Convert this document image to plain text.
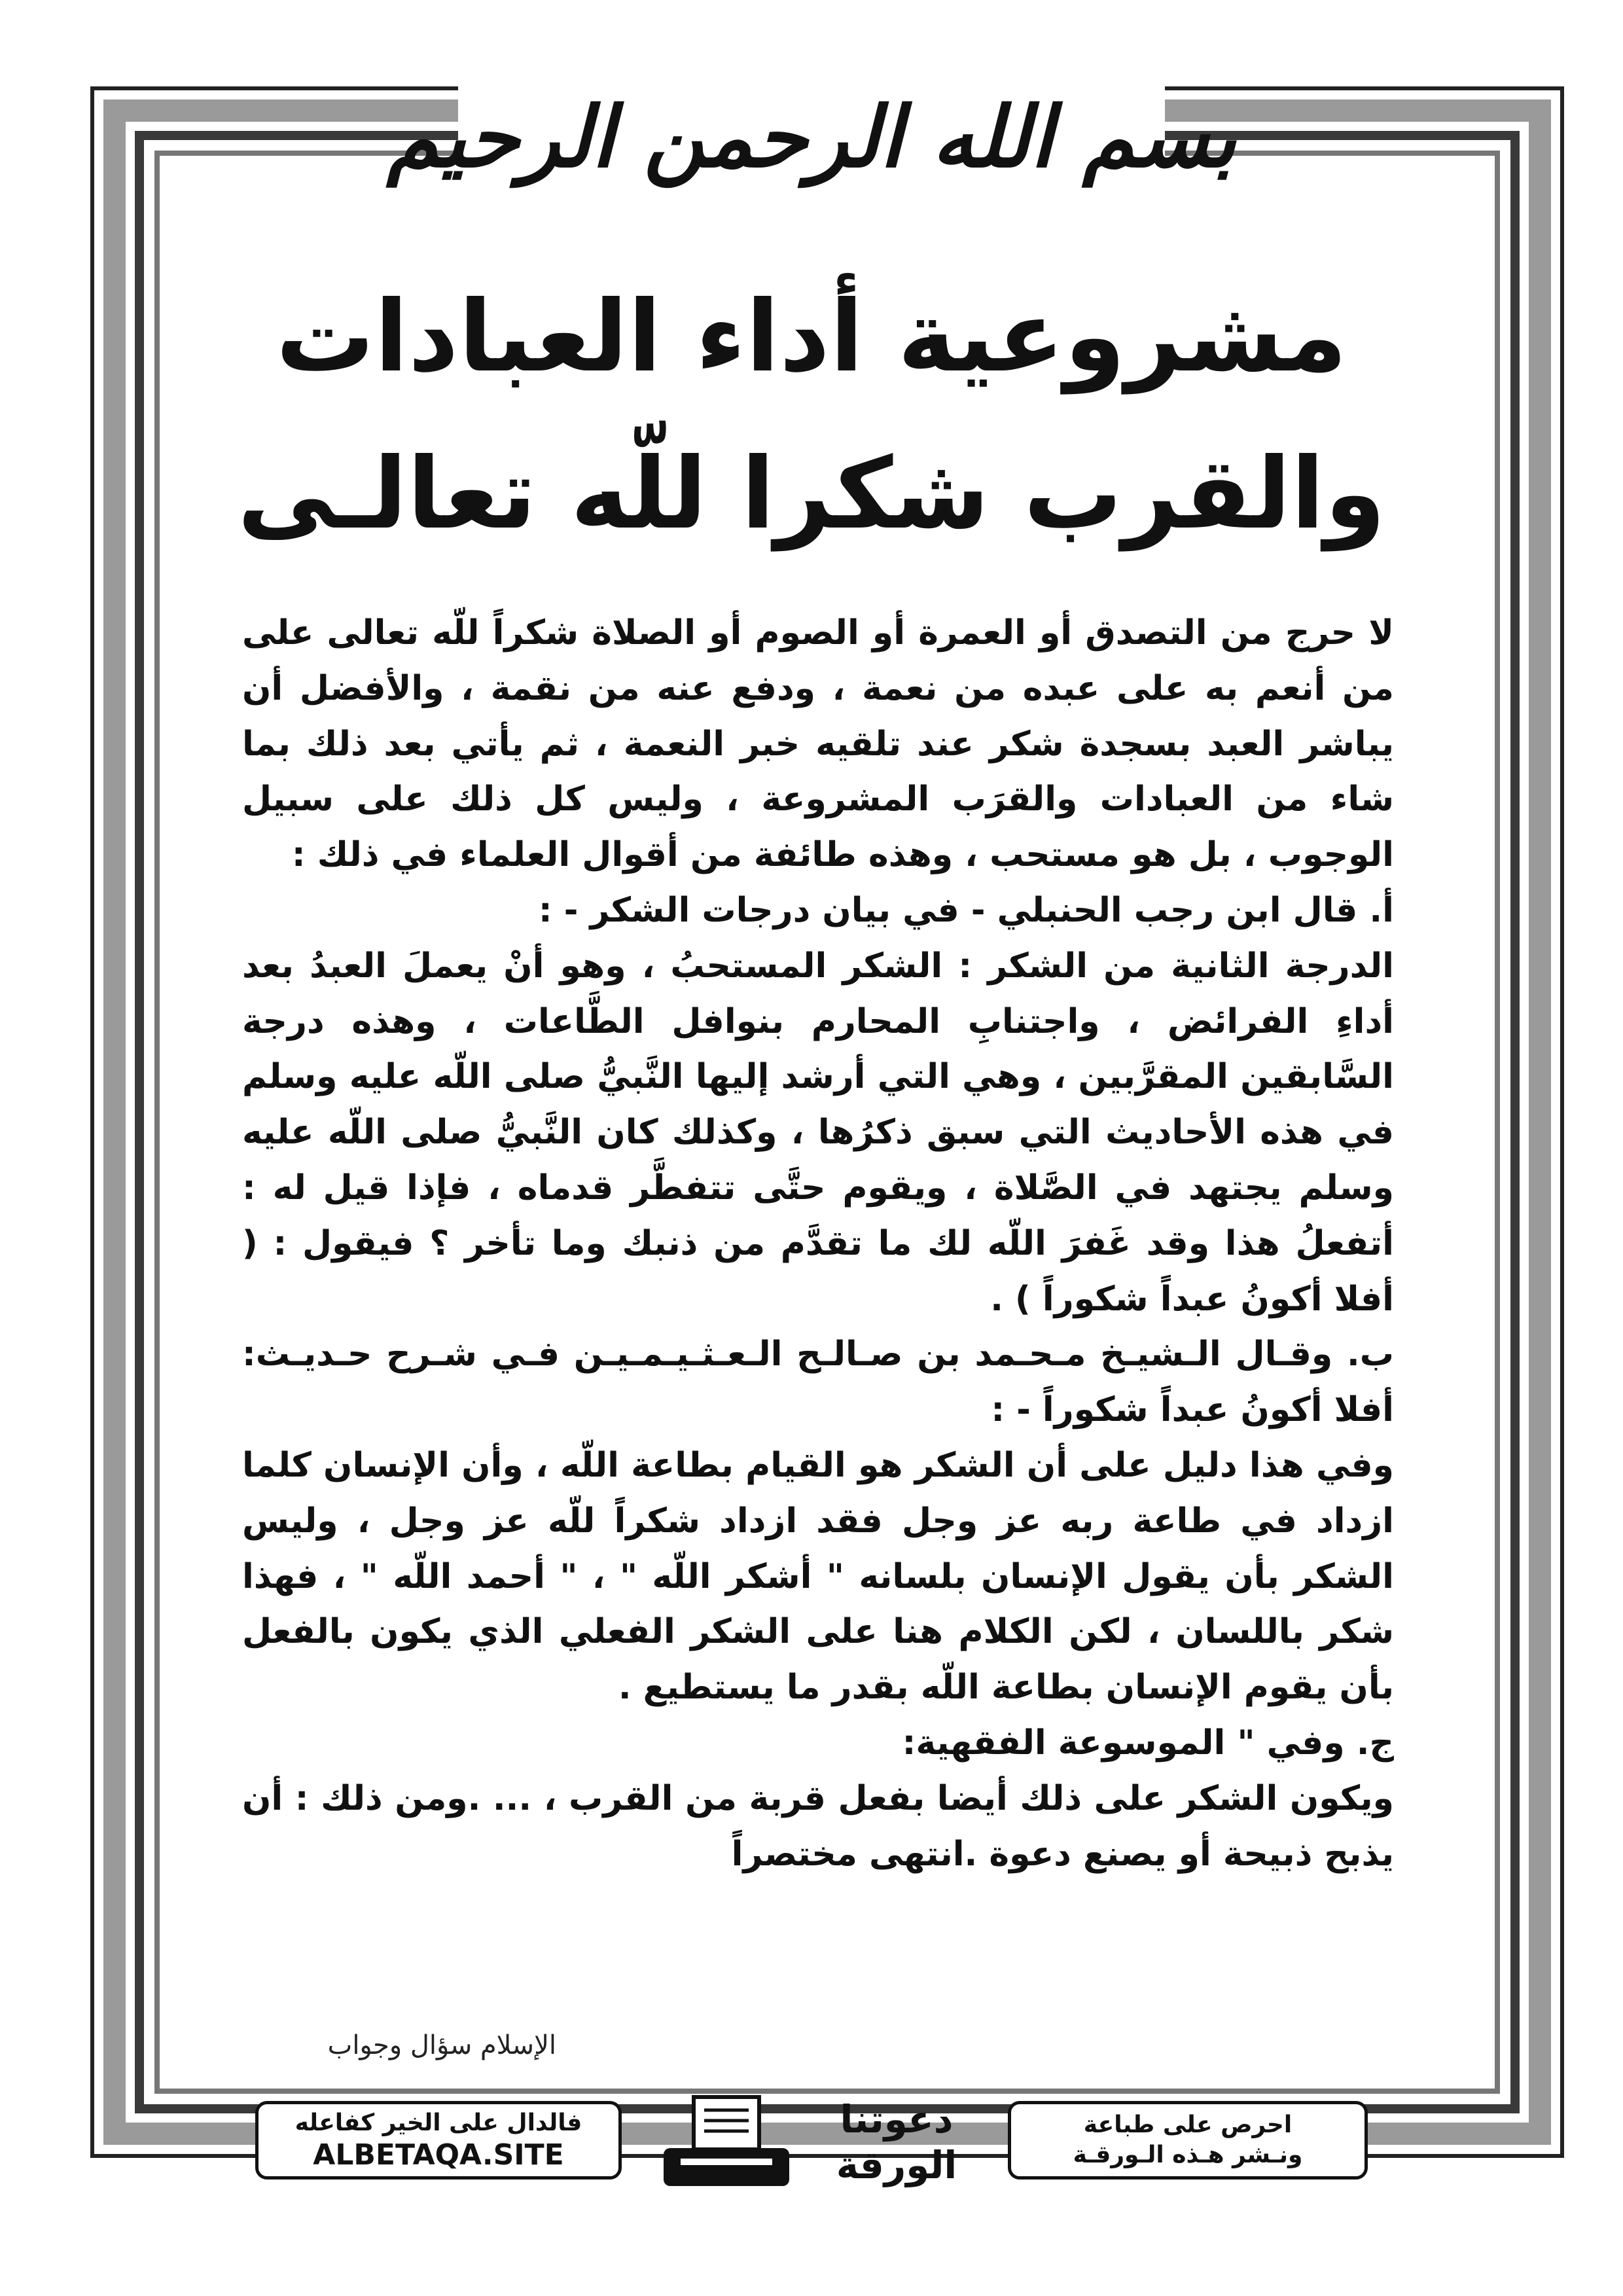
بسم الله الرحمن الرحيم
مشروعية أداء العبادات
والقرب شكرا للّه تعالـى

لا حرج من التصدق أو العمرة أو الصوم أو الصلاة شكراً للّه تعالى على من أنعم به على عبده من نعمة ، ودفع عنه من نقمة ، والأفضل أن يباشر العبد بسجدة شكر عند تلقيه خبر النعمة ، ثم يأتي بعد ذلك بما شاء من العبادات والقرَب المشروعة ، وليس كل ذلك على سبيل الوجوب ، بل هو مستحب ، وهذه طائفة من أقوال العلماء في ذلك :

أ. قال ابن رجب الحنبلي - في بيان درجات الشكر - :

الدرجة الثانية من الشكر : الشكر المستحبُ ، وهو أنْ يعملَ العبدُ بعد أداءِ الفرائض ، واجتنابِ المحارم بنوافل الطَّاعات ، وهذه درجة السَّابقين المقرَّبين ، وهي التي أرشد إليها النَّبيُّ صلى اللّه عليه وسلم في هذه الأحاديث التي سبق ذكرُها ، وكذلك كان النَّبيُّ صلى اللّه عليه وسلم يجتهد في الصَّلاة ، ويقوم حتَّى تتفطَّر قدماه ، فإذا قيل له : أتفعلُ هذا وقد غَفرَ اللّه لك ما تقدَّم من ذنبك وما تأخر ؟ فيقول : ( أفلا أكونُ عبداً شكوراً ) .

ب. وقـال الـشيـخ مـحـمد بن صـالـح الـعـثـيـمـيـن فـي شـرح حـديـث: أفلا أكونُ عبداً شكوراً - :

وفي هذا دليل على أن الشكر هو القيام بطاعة اللّه ، وأن الإنسان كلما ازداد في طاعة ربه عز وجل فقد ازداد شكراً للّه عز وجل ، وليس الشكر بأن يقول الإنسان بلسانه " أشكر اللّه " ، " أحمد اللّه " ، فهذا شكر باللسان ، لكن الكلام هنا على الشكر الفعلي الذي يكون بالفعل بأن يقوم الإنسان بطاعة اللّه بقدر ما يستطيع .

ج. وفي " الموسوعة الفقهية:

ويكون الشكر على ذلك أيضا بفعل قربة من القرب ، ... .ومن ذلك : أن يذبح ذبيحة أو يصنع دعوة .انتهى مختصراً

الإسلام سؤال وجواب
احرص على طباعة
ونـشر هـذه الـورقـة
دعوتنا
الورقة
فالدال على الخير كفاعله
ALBETAQA.SITE
